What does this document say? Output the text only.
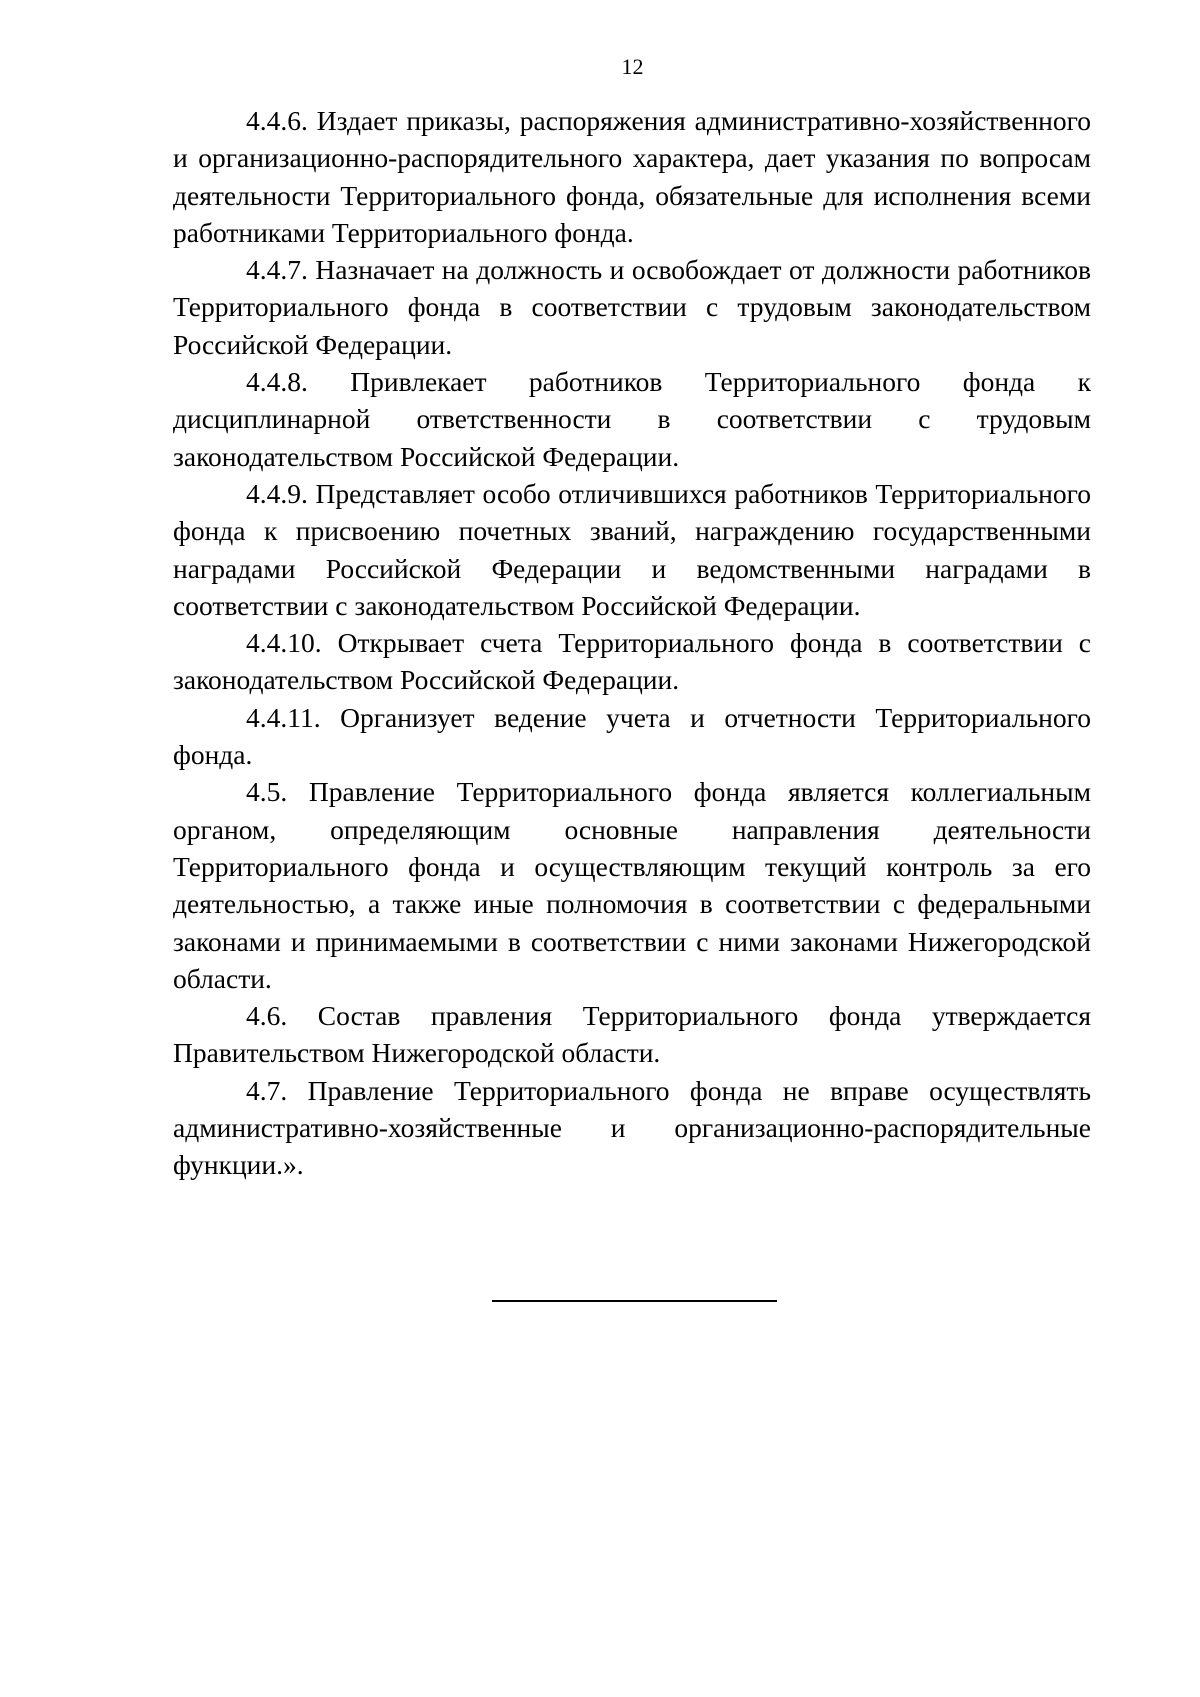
12

4.4.6. Издает приказы, распоряжения административно-хозяйственного и организационно-распорядительного характера, дает указания по вопросам деятельности Территориального фонда, обязательные для исполнения всеми работниками Территориального фонда.

4.4.7. Назначает на должность и освобождает от должности работников Территориального фонда в соответствии с трудовым законодательством Российской Федерации.

4.4.8. Привлекает работников Территориального фонда к дисциплинарной ответственности в соответствии с трудовым законодательством Российской Федерации.

4.4.9. Представляет особо отличившихся работников Территориального фонда к присвоению почетных званий, награждению государственными наградами Российской Федерации и ведомственными наградами в соответствии с законодательством Российской Федерации.

4.4.10. Открывает счета Территориального фонда в соответствии с законодательством Российской Федерации.

4.4.11. Организует ведение учета и отчетности Территориального фонда.

4.5. Правление Территориального фонда является коллегиальным органом, определяющим основные направления деятельности Территориального фонда и осуществляющим текущий контроль за его деятельностью, а также иные полномочия в соответствии с федеральными законами и принимаемыми в соответствии с ними законами Нижегородской области.

4.6. Состав правления Территориального фонда утверждается Правительством Нижегородской области.

4.7. Правление Территориального фонда не вправе осуществлять административно-хозяйственные и организационно-распорядительные функции.».
